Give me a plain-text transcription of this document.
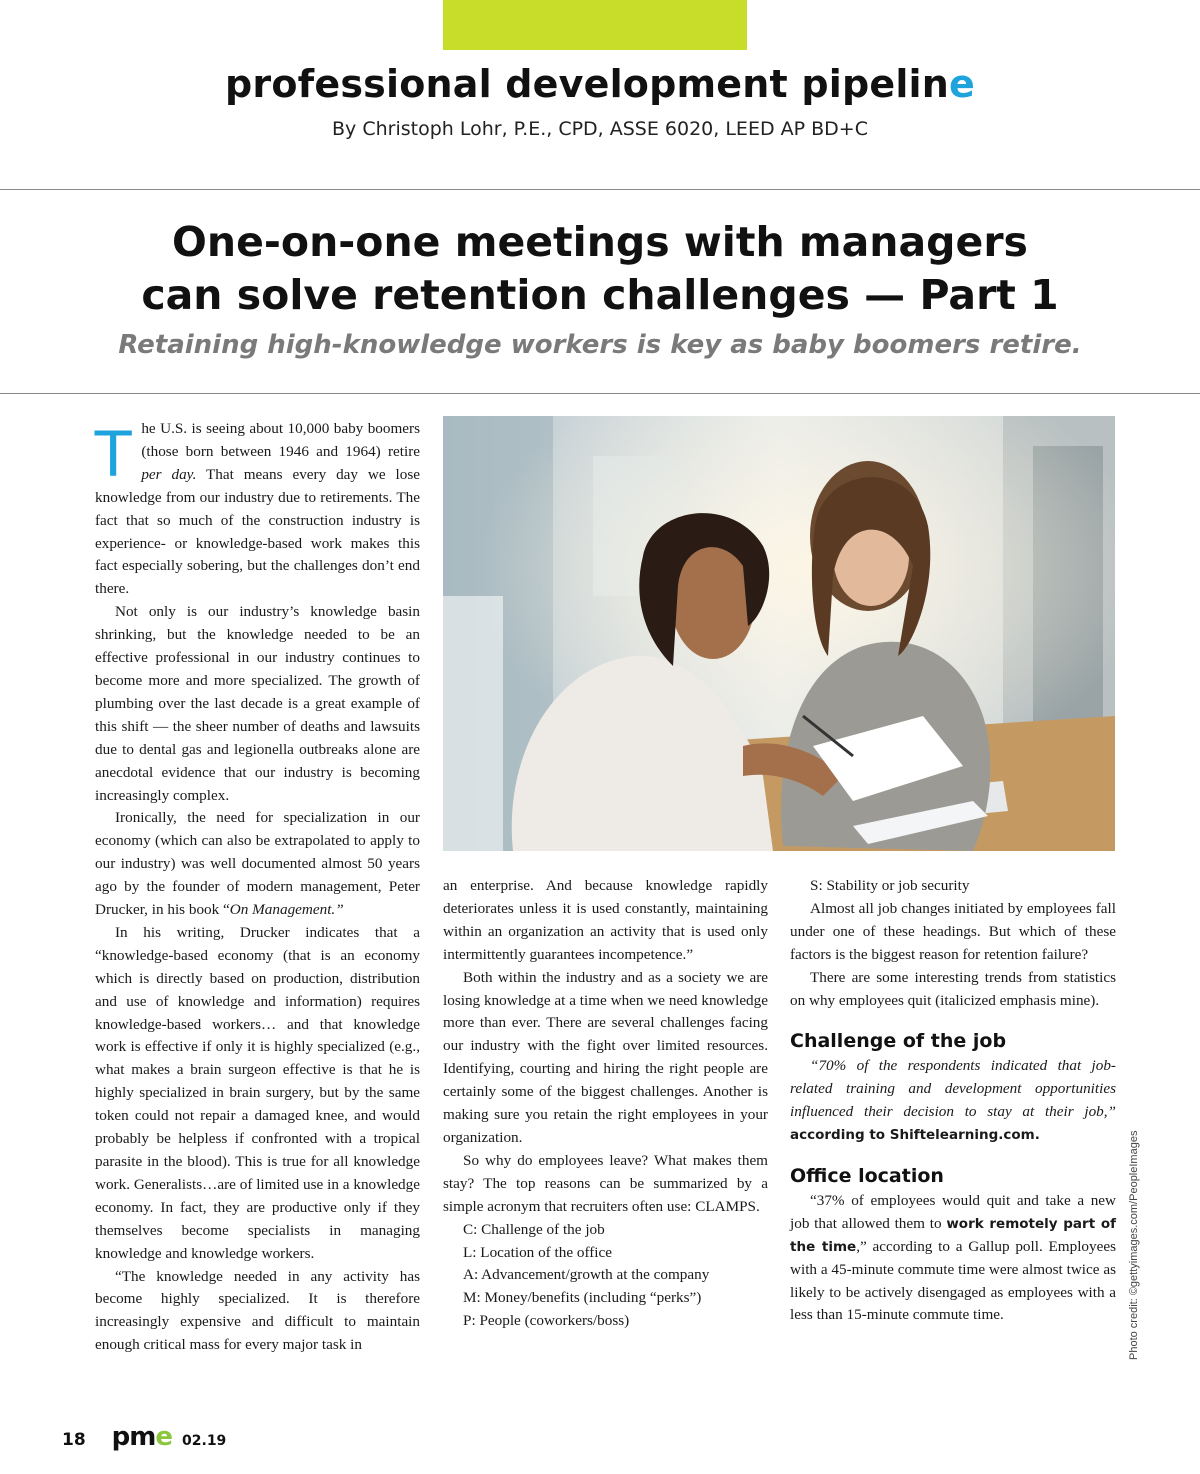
professional development pipeline
By Christoph Lohr, P.E., CPD, ASSE 6020, LEED AP BD+C
One-on-one meetings with managers
can solve retention challenges — Part 1
Retaining high-knowledge workers is key as baby boomers retire.

The U.S. is seeing about 10,000 baby boomers (those born between 1946 and 1964) retire per day. That means every day we lose knowledge from our industry due to retirements. The fact that so much of the construction industry is experience- or knowledge-based work makes this fact especially sobering, but the challenges don’t end there.

Not only is our industry’s knowledge basin shrinking, but the knowledge needed to be an effective professional in our industry continues to become more and more specialized. The growth of plumbing over the last decade is a great example of this shift — the sheer number of deaths and lawsuits due to dental gas and legionella outbreaks alone are anecdotal evidence that our industry is becoming increasingly complex.

Ironically, the need for specialization in our economy (which can also be extrapolated to apply to our industry) was well documented almost 50 years ago by the founder of modern management, Peter Drucker, in his book “On Management.”

In his writing, Drucker indicates that a “knowledge-based economy (that is an economy which is directly based on production, distribution and use of knowledge and information) requires knowledge-based workers… and that knowledge work is effective if only it is highly specialized (e.g., what makes a brain surgeon effective is that he is highly specialized in brain surgery, but by the same token could not repair a damaged knee, and would probably be helpless if confronted with a tropical parasite in the blood). This is true for all knowledge work. Generalists…are of limited use in a knowledge economy. In fact, they are productive only if they themselves become specialists in managing knowledge and knowledge workers.

“The knowledge needed in any activity has become highly specialized. It is therefore increasingly expensive and difficult to maintain enough critical mass for every major task in

an enterprise. And because knowledge rapidly deteriorates unless it is used constantly, maintaining within an organization an activity that is used only intermittently guarantees incompetence.”

Both within the industry and as a society we are losing knowledge at a time when we need knowledge more than ever. There are several challenges facing our industry with the fight over limited resources. Identifying, courting and hiring the right people are certainly some of the biggest challenges. Another is making sure you retain the right employees in your organization.

So why do employees leave? What makes them stay? The top reasons can be summarized by a simple acronym that recruiters often use: CLAMPS.

C: Challenge of the job

L: Location of the office

A: Advancement/growth at the company

M: Money/benefits (including “perks”)

P: People (coworkers/boss)

S: Stability or job security

Almost all job changes initiated by employees fall under one of these headings. But which of these factors is the biggest reason for retention failure?

There are some interesting trends from statistics on why employees quit (italicized emphasis mine).

Challenge of the job

“70% of the respondents indicated that job-related training and development opportunities influenced their decision to stay at their job,” according to Shiftelearning.com.

Office location

“37% of employees would quit and take a new job that allowed them to work remotely part of the time,” according to a Gallup poll. Employees with a 45-minute commute time were almost twice as likely to be actively disengaged as employees with a less than 15-minute commute time.	Photo credit: ©gettyimages.com/PeopleImages
18 pme 02.19
